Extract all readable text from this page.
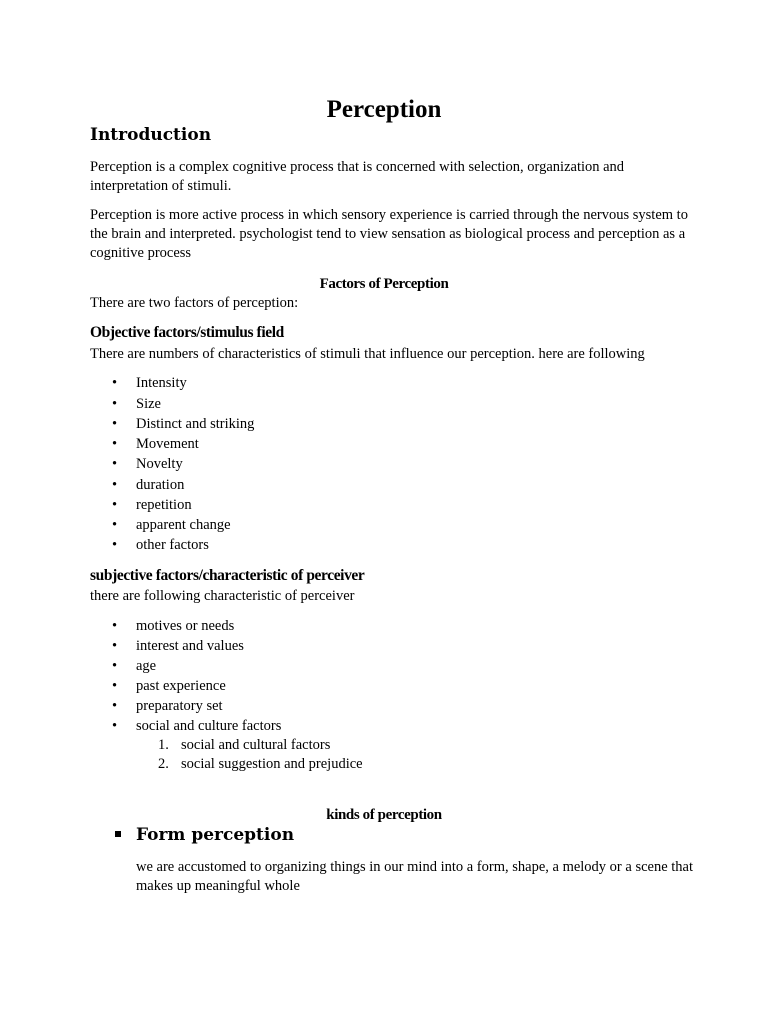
Perception
Introduction
Perception is a complex cognitive process that is concerned with selection, organization and interpretation of stimuli.
Perception is more active process in which sensory experience is carried through the nervous system to the brain and interpreted. psychologist tend to view sensation as biological process and perception as a cognitive process
Factors of Perception
There are two factors of perception:
Objective factors/stimulus field
There are numbers of characteristics of stimuli that influence our perception. here are following
• Intensity
• Size
• Distinct and striking
• Movement
• Novelty
• duration
• repetition
• apparent change
• other factors
subjective factors/characteristic of perceiver
there are following characteristic of perceiver
• motives or needs
• interest and values
• age
• past experience
• preparatory set
• social and culture factors
1. social and cultural factors
2. social suggestion and prejudice
kinds of perception
Form perception
we are accustomed to organizing things in our mind into a form, shape, a melody or a scene that makes up meaningful whole
